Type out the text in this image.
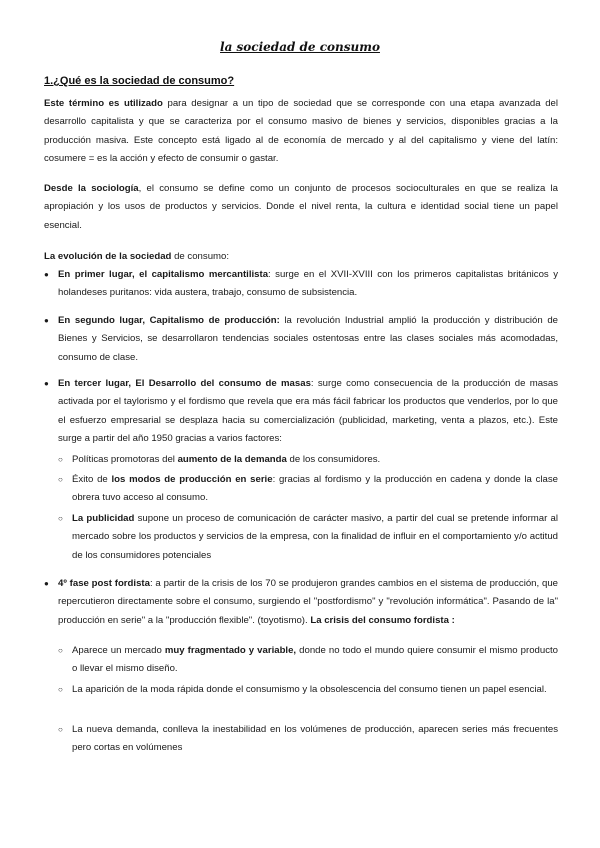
la sociedad de consumo
1.¿Qué es la sociedad de consumo?

Este término es utilizado para designar a un tipo de sociedad que se corresponde con una etapa avanzada del desarrollo capitalista y que se caracteriza por el consumo masivo de bienes y servicios, disponibles gracias a la producción masiva. Este concepto está ligado al de economía de mercado y al del capitalismo y viene del latín: cosumere = es la acción y efecto de consumir o gastar.

Desde la sociología, el consumo se define como un conjunto de procesos socioculturales en que se realiza la apropiación y los usos de productos y servicios. Donde el nivel renta, la cultura e identidad social tiene un papel esencial.

La evolución de la sociedad de consumo:

● En primer lugar, el capitalismo mercantilista: surge en el XVII-XVIII con los primeros capitalistas británicos y holandeses puritanos: vida austera, trabajo, consumo de subsistencia.
● En segundo lugar, Capitalismo de producción: la revolución Industrial amplió la producción y distribución de Bienes y Servicios, se desarrollaron tendencias sociales ostentosas entre las clases sociales más acomodadas, consumo de clase.
● En tercer lugar, El Desarrollo del consumo de masas: surge como consecuencia de la producción de masas activada por el taylorismo y el fordismo que revela que era más fácil fabricar los productos que venderlos, por lo que el esfuerzo empresarial se desplaza hacia su comercialización (publicidad, marketing, venta a plazos, etc.). Este surge a partir del año 1950 gracias a varios factores:
○ Políticas promotoras del aumento de la demanda de los consumidores.
○ Éxito de los modos de producción en serie: gracias al fordismo y la producción en cadena y donde la clase obrera tuvo acceso al consumo.
○ La publicidad supone un proceso de comunicación de carácter masivo, a partir del cual se pretende informar al mercado sobre los productos y servicios de la empresa, con la finalidad de influir en el comportamiento y/o actitud de los consumidores potenciales
● 4º fase post fordista: a partir de la crisis de los 70 se produjeron grandes cambios en el sistema de producción, que repercutieron directamente sobre el consumo, surgiendo el "postfordismo" y "revolución informática". Pasando de la" producción en serie" a la "producción flexible". (toyotismo). La crisis del consumo fordista :
○ Aparece un mercado muy fragmentado y variable, donde no todo el mundo quiere consumir el mismo producto o llevar el mismo diseño.
○ La aparición de la moda rápida donde el consumismo y la obsolescencia del consumo tienen un papel esencial.
○ La nueva demanda, conlleva la inestabilidad en los volúmenes de producción, aparecen series más frecuentes pero cortas en volúmenes
